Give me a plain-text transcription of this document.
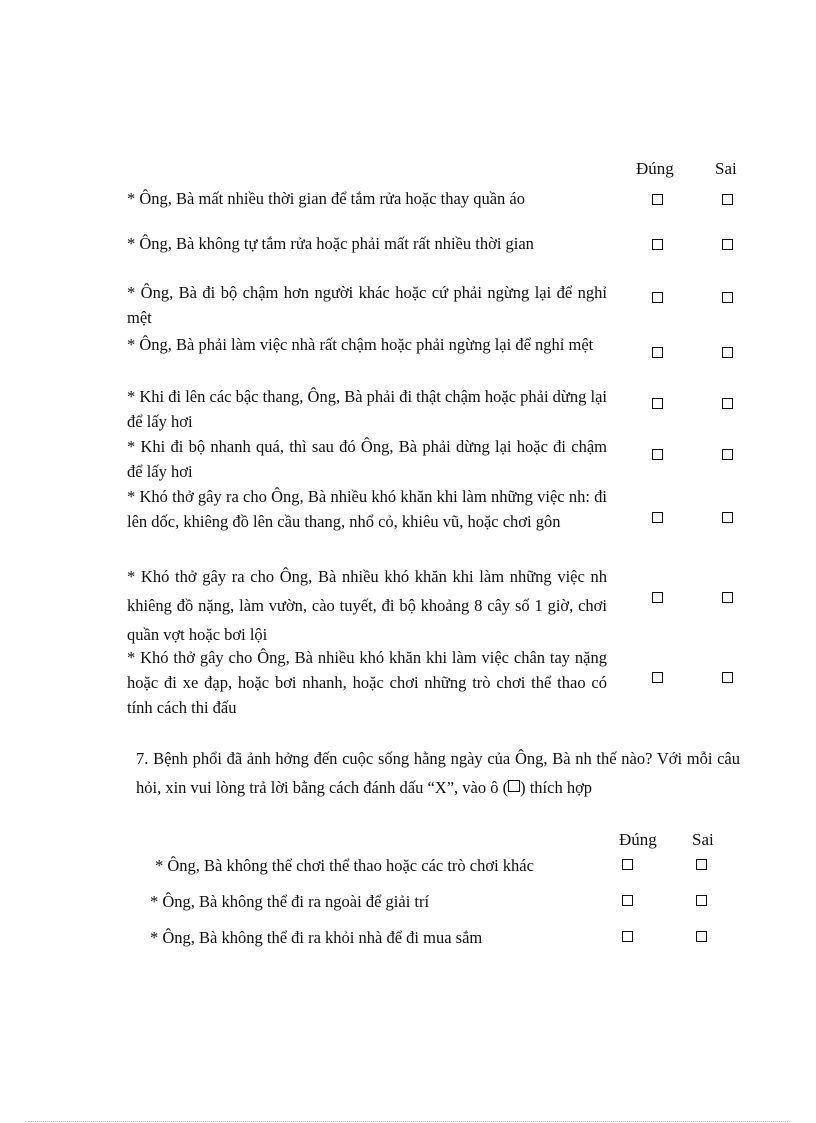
Đúng Sai
* Ông, Bà mất nhiều thời gian để tắm rửa hoặc thay quần áo
* Ông, Bà không tự tắm rửa hoặc phải mất rất nhiều thời gian
* Ông, Bà đi bộ chậm hơn người khác hoặc cứ phải ngừng lại để nghỉ mệt
* Ông, Bà phải làm việc nhà rất chậm hoặc phải ngừng lại để nghỉ mệt
* Khi đi lên các bậc thang, Ông, Bà phải đi thật chậm hoặc phải dừng lại để lấy hơi
* Khi đi bộ nhanh quá, thì sau đó Ông, Bà phải dừng lại hoặc đi chậm để lấy hơi
* Khó thở gây ra cho Ông, Bà nhiều khó khăn khi làm những việc nh: đi lên dốc, khiêng đồ lên cầu thang, nhổ cỏ, khiêu vũ, hoặc chơi gôn
* Khó thở gây ra cho Ông, Bà nhiều khó khăn khi làm những việc nh khiêng đồ nặng, làm vườn, cào tuyết, đi bộ khoảng 8 cây số 1 giờ, chơi quần vợt hoặc bơi lội
* Khó thở gây cho Ông, Bà nhiều khó khăn khi làm việc chân tay nặng hoặc đi xe đạp, hoặc bơi nhanh, hoặc chơi những trò chơi thể thao có tính cách thi đấu
7. Bệnh phổi đã ảnh hởng đến cuộc sống hằng ngày của Ông, Bà nh thế nào? Với mỗi câu hỏi, xin vui lòng trả lời bằng cách đánh dấu “X”, vào ô ( ) thích hợp
Đúng Sai
* Ông, Bà không thể chơi thể thao hoặc các trò chơi khác
* Ông, Bà không thể đi ra ngoài để giải trí
* Ông, Bà không thể đi ra khỏi nhà để đi mua sắm
